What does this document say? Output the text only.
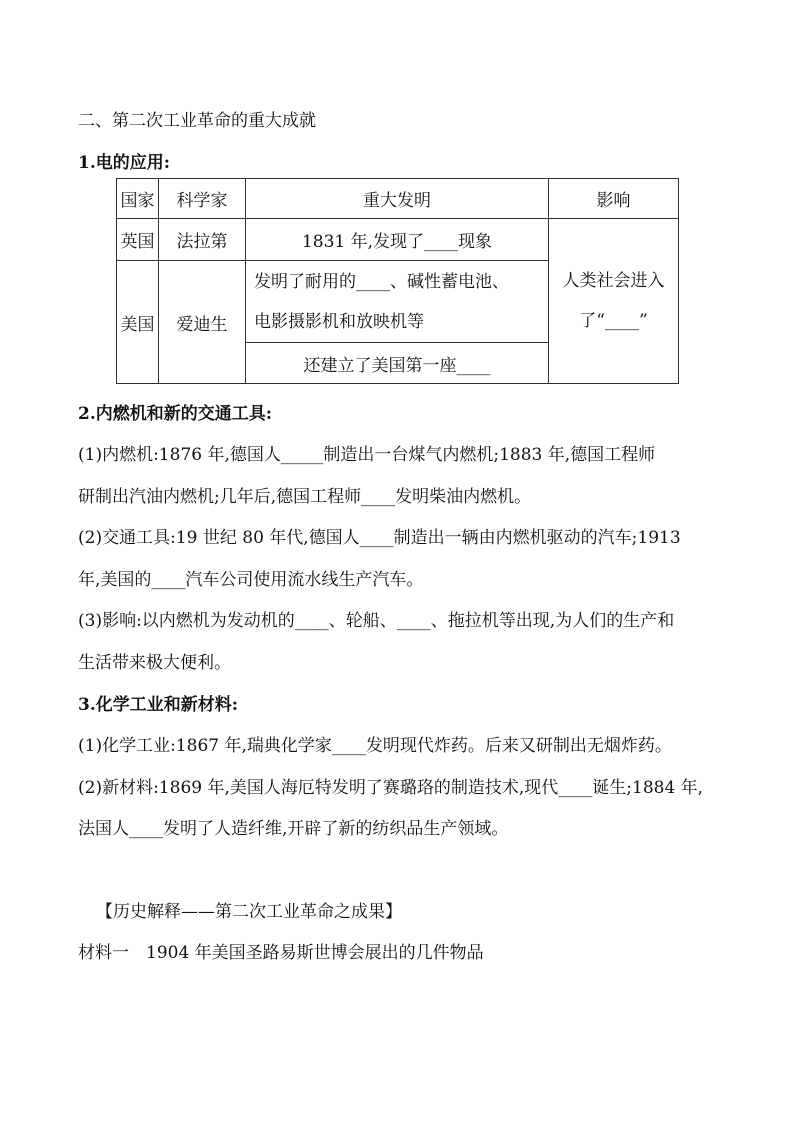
二、第二次工业革命的重大成就
1.电的应用:
国家	科学家	重大发明	影响
英国	法拉第	1831 年,发现了____现象	人类社会进入
了“____”

美国	爱迪生	发明了耐用的____、碱性蓄电池、
电影摄影机和放映机等	

		还建立了美国第一座____	
2.内燃机和新的交通工具:
(1)内燃机:1876 年,德国人_____制造出一台煤气内燃机;1883 年,德国工程师
研制出汽油内燃机;几年后,德国工程师____发明柴油内燃机。
(2)交通工具:19 世纪 80 年代,德国人____制造出一辆由内燃机驱动的汽车;1913
年,美国的____汽车公司使用流水线生产汽车。
(3)影响:以内燃机为发动机的____、轮船、____、拖拉机等出现,为人们的生产和
生活带来极大便利。
3.化学工业和新材料:
(1)化学工业:1867 年,瑞典化学家____发明现代炸药。后来又研制出无烟炸药。
(2)新材料:1869 年,美国人海厄特发明了赛璐珞的制造技术,现代____诞生;1884 年,
法国人____发明了人造纤维,开辟了新的纺织品生产领域。
【历史解释——第二次工业革命之成果】
材料一　1904 年美国圣路易斯世博会展出的几件物品
